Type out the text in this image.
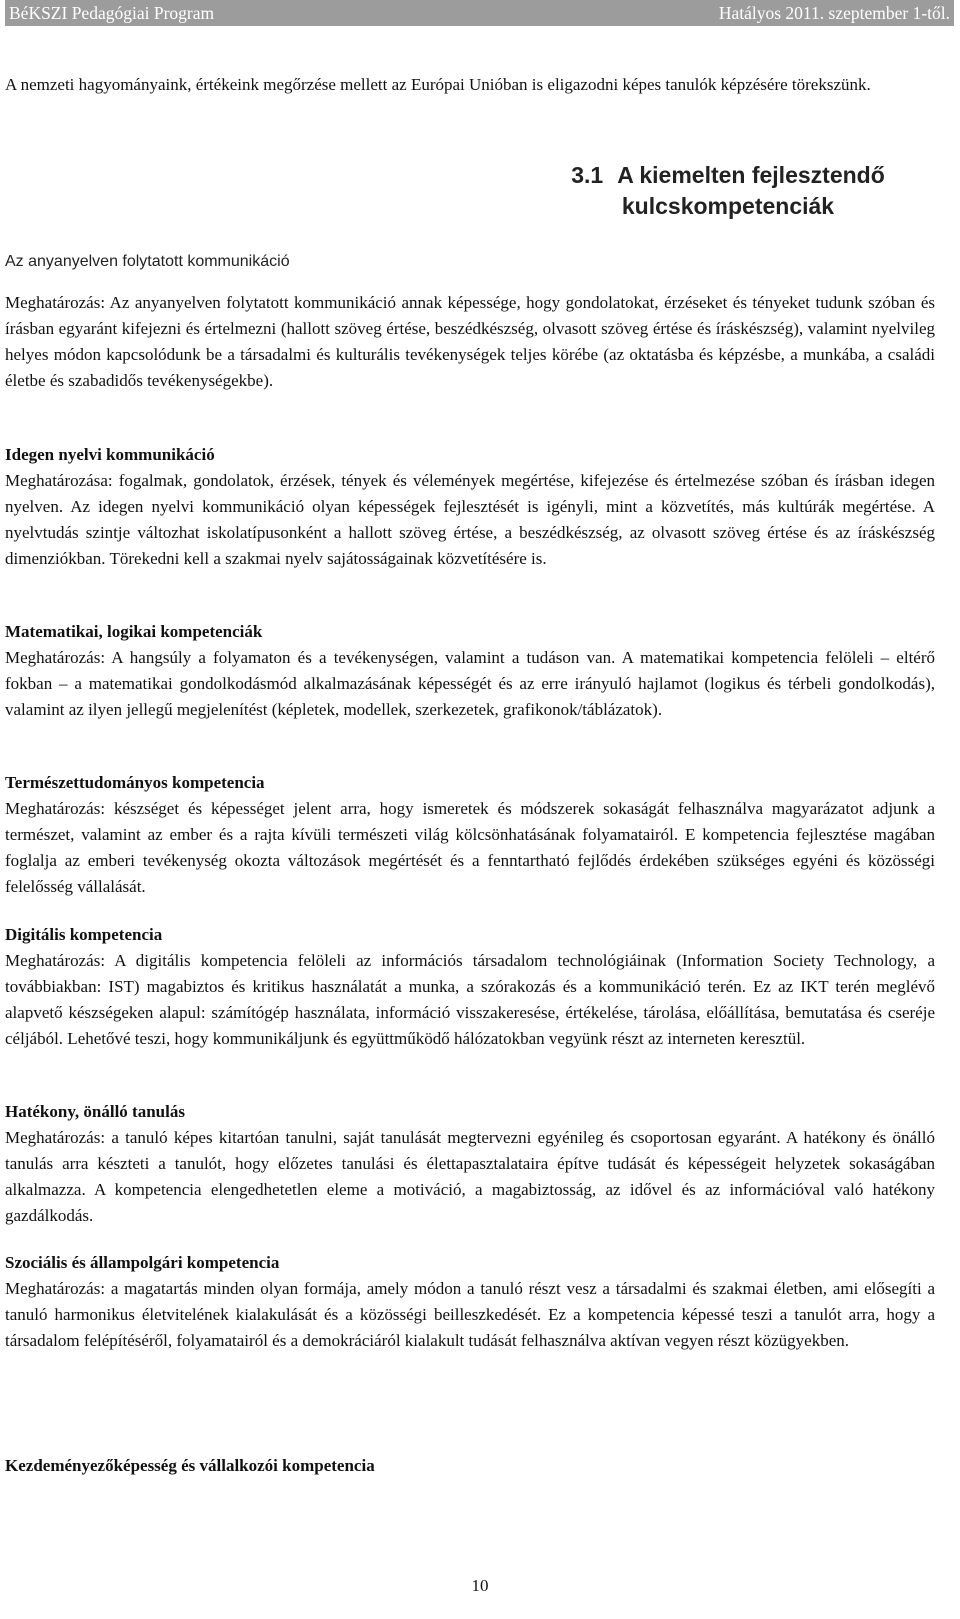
BéKSZI Pedagógiai Program	Hatályos 2011. szeptember 1-től.

A nemzeti hagyományaink, értékeink megőrzése mellett az Európai Unióban is eligazodni képes tanulók képzésére törekszünk.

3.1 A kiemelten fejlesztendő kulcskompetenciák
Az anyanyelven folytatott kommunikáció

Meghatározás: Az anyanyelven folytatott kommunikáció annak képessége, hogy gondolatokat, érzéseket és tényeket tudunk szóban és írásban egyaránt kifejezni és értelmezni (hallott szöveg értése, beszédkészség, olvasott szöveg értése és íráskészség), valamint nyelvileg helyes módon kapcsolódunk be a társadalmi és kulturális tevékenységek teljes körébe (az oktatásba és képzésbe, a munkába, a családi életbe és szabadidős tevékenységekbe).

Idegen nyelvi kommunikáció

Meghatározása: fogalmak, gondolatok, érzések, tények és vélemények megértése, kifejezése és értelmezése szóban és írásban idegen nyelven. Az idegen nyelvi kommunikáció olyan képességek fejlesztését is igényli, mint a közvetítés, más kultúrák megértése. A nyelvtudás szintje változhat iskolatípusonként a hallott szöveg értése, a beszédkészség, az olvasott szöveg értése és az íráskészség dimenziókban. Törekedni kell a szakmai nyelv sajátosságainak közvetítésére is.

Matematikai, logikai kompetenciák

Meghatározás: A hangsúly a folyamaton és a tevékenységen, valamint a tudáson van. A matematikai kompetencia felöleli – eltérő fokban – a matematikai gondolkodásmód alkalmazásának képességét és az erre irányuló hajlamot (logikus és térbeli gondolkodás), valamint az ilyen jellegű megjelenítést (képletek, modellek, szerkezetek, grafikonok/táblázatok).

Természettudományos kompetencia

Meghatározás: készséget és képességet jelent arra, hogy ismeretek és módszerek sokaságát felhasználva magyarázatot adjunk a természet, valamint az ember és a rajta kívüli természeti világ kölcsönhatásának folyamatairól. E kompetencia fejlesztése magában foglalja az emberi tevékenység okozta változások megértését és a fenntartható fejlődés érdekében szükséges egyéni és közösségi felelősség vállalását.

Digitális kompetencia

Meghatározás: A digitális kompetencia felöleli az információs társadalom technológiáinak (Information Society Technology, a továbbiakban: IST) magabiztos és kritikus használatát a munka, a szórakozás és a kommunikáció terén. Ez az IKT terén meglévő alapvető készségeken alapul: számítógép használata, információ visszakeresése, értékelése, tárolása, előállítása, bemutatása és cseréje céljából. Lehetővé teszi, hogy kommunikáljunk és együttműködő hálózatokban vegyünk részt az interneten keresztül.

Hatékony, önálló tanulás

Meghatározás: a tanuló képes kitartóan tanulni, saját tanulását megtervezni egyénileg és csoportosan egyaránt. A hatékony és önálló tanulás arra készteti a tanulót, hogy előzetes tanulási és élettapasztalataira építve tudását és képességeit helyzetek sokaságában alkalmazza. A kompetencia elengedhetetlen eleme a motiváció, a magabiztosság, az idővel és az információval való hatékony gazdálkodás.

Szociális és állampolgári kompetencia

Meghatározás: a magatartás minden olyan formája, amely módon a tanuló részt vesz a társadalmi és szakmai életben, ami elősegíti a tanuló harmonikus életvitelének kialakulását és a közösségi beilleszkedését. Ez a kompetencia képessé teszi a tanulót arra, hogy a társadalom felépítéséről, folyamatairól és a demokráciáról kialakult tudását felhasználva aktívan vegyen részt közügyekben.

Kezdeményezőképesség és vállalkozói kompetencia
10
